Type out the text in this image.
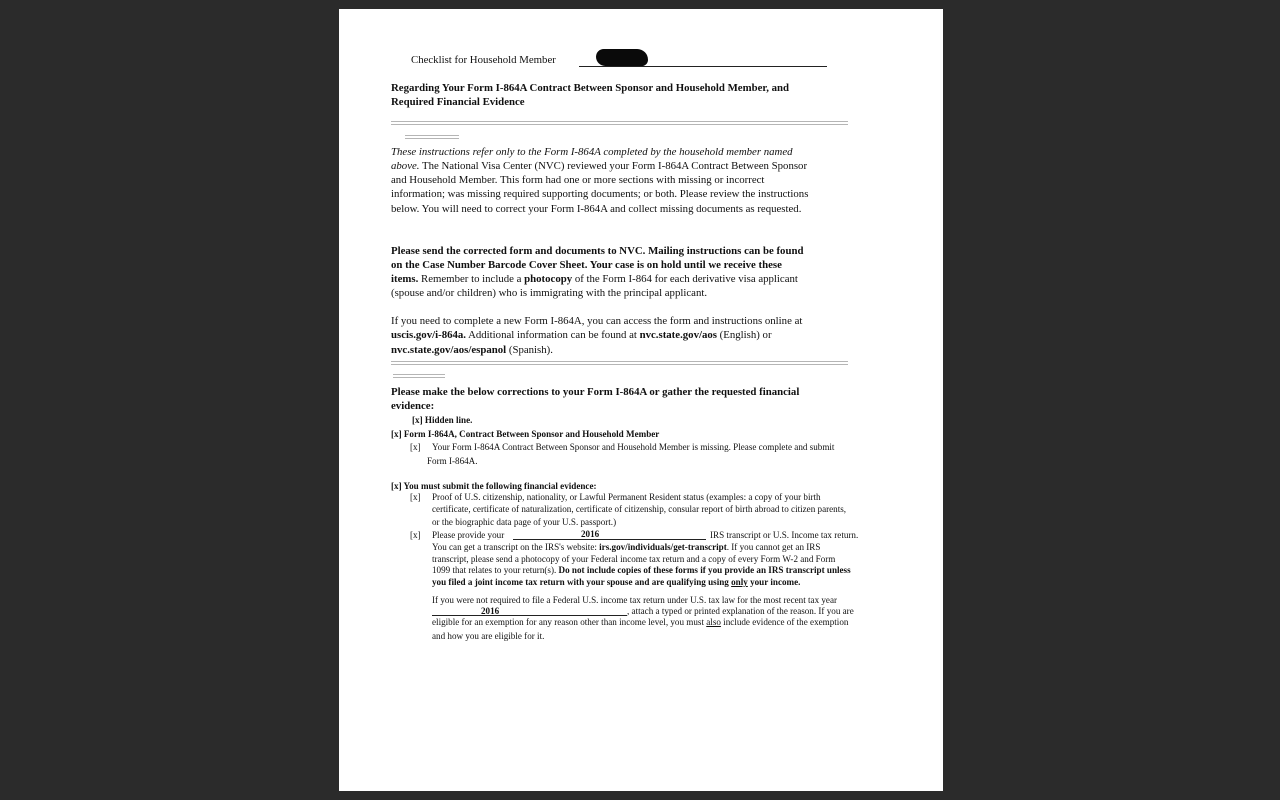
Checklist for Household Member
Regarding Your Form I-864A Contract Between Sponsor and Household Member, and
Required Financial Evidence
These instructions refer only to the Form I-864A completed by the household member named
above. The National Visa Center (NVC) reviewed your Form I-864A Contract Between Sponsor
and Household Member. This form had one or more sections with missing or incorrect
information; was missing required supporting documents; or both. Please review the instructions
below. You will need to correct your Form I-864A and collect missing documents as requested.
Please send the corrected form and documents to NVC. Mailing instructions can be found
on the Case Number Barcode Cover Sheet. Your case is on hold until we receive these
items. Remember to include a photocopy of the Form I-864 for each derivative visa applicant
(spouse and/or children) who is immigrating with the principal applicant.
If you need to complete a new Form I-864A, you can access the form and instructions online at
uscis.gov/i-864a. Additional information can be found at nvc.state.gov/aos (English) or
nvc.state.gov/aos/espanol (Spanish).
Please make the below corrections to your Form I-864A or gather the requested financial
evidence:
[x] Hidden line.
[x] Form I-864A, Contract Between Sponsor and Household Member
[x] Your Form I-864A Contract Between Sponsor and Household Member is missing. Please complete and submit
Form I-864A.
[x] You must submit the following financial evidence:
[x] Proof of U.S. citizenship, nationality, or Lawful Permanent Resident status (examples: a copy of your birth
certificate, certificate of naturalization, certificate of citizenship, consular report of birth abroad to citizen parents,
or the biographic data page of your U.S. passport.)
[x] Please provide your	2016	IRS transcript or U.S. Income tax return.
You can get a transcript on the IRS's website: irs.gov/individuals/get-transcript. If you cannot get an IRS
transcript, please send a photocopy of your Federal income tax return and a copy of every Form W-2 and Form
1099 that relates to your return(s). Do not include copies of these forms if you provide an IRS transcript unless
you filed a joint income tax return with your spouse and are qualifying using only your income.
If you were not required to file a Federal U.S. income tax return under U.S. tax law for the most recent tax year
2016	, attach a typed or printed explanation of the reason. If you are
eligible for an exemption for any reason other than income level, you must also include evidence of the exemption
and how you are eligible for it.
